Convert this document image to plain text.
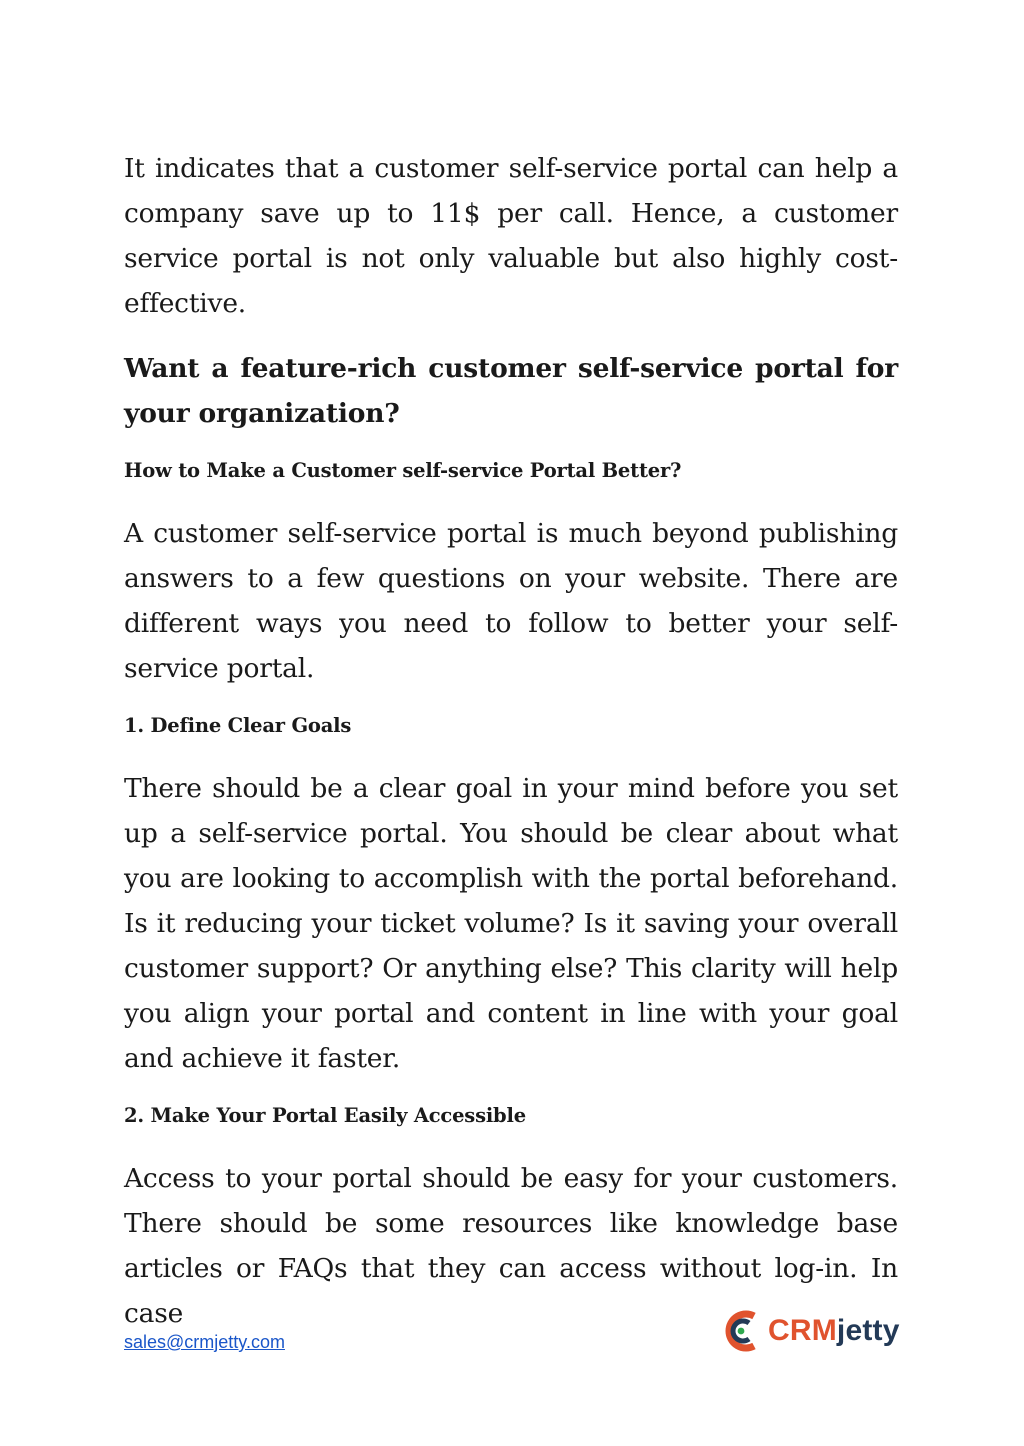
It indicates that a customer self-service portal can help a company save up to 11$ per call. Hence, a customer service portal is not only valuable but also highly cost-effective.

Want a feature-rich customer self-service portal for your organization?

How to Make a Customer self-service Portal Better?

A customer self-service portal is much beyond publishing answers to a few questions on your website. There are different ways you need to follow to better your self-service portal.

1. Define Clear Goals

There should be a clear goal in your mind before you set up a self-service portal. You should be clear about what you are looking to accomplish with the portal beforehand. Is it reducing your ticket volume? Is it saving your overall customer support? Or anything else? This clarity will help you align your portal and content in line with your goal and achieve it faster.

2. Make Your Portal Easily Accessible

Access to your portal should be easy for your customers. There should be some resources like knowledge base articles or FAQs that they can access without log-in. In case

sales@crmjetty.com	CRMjetty
